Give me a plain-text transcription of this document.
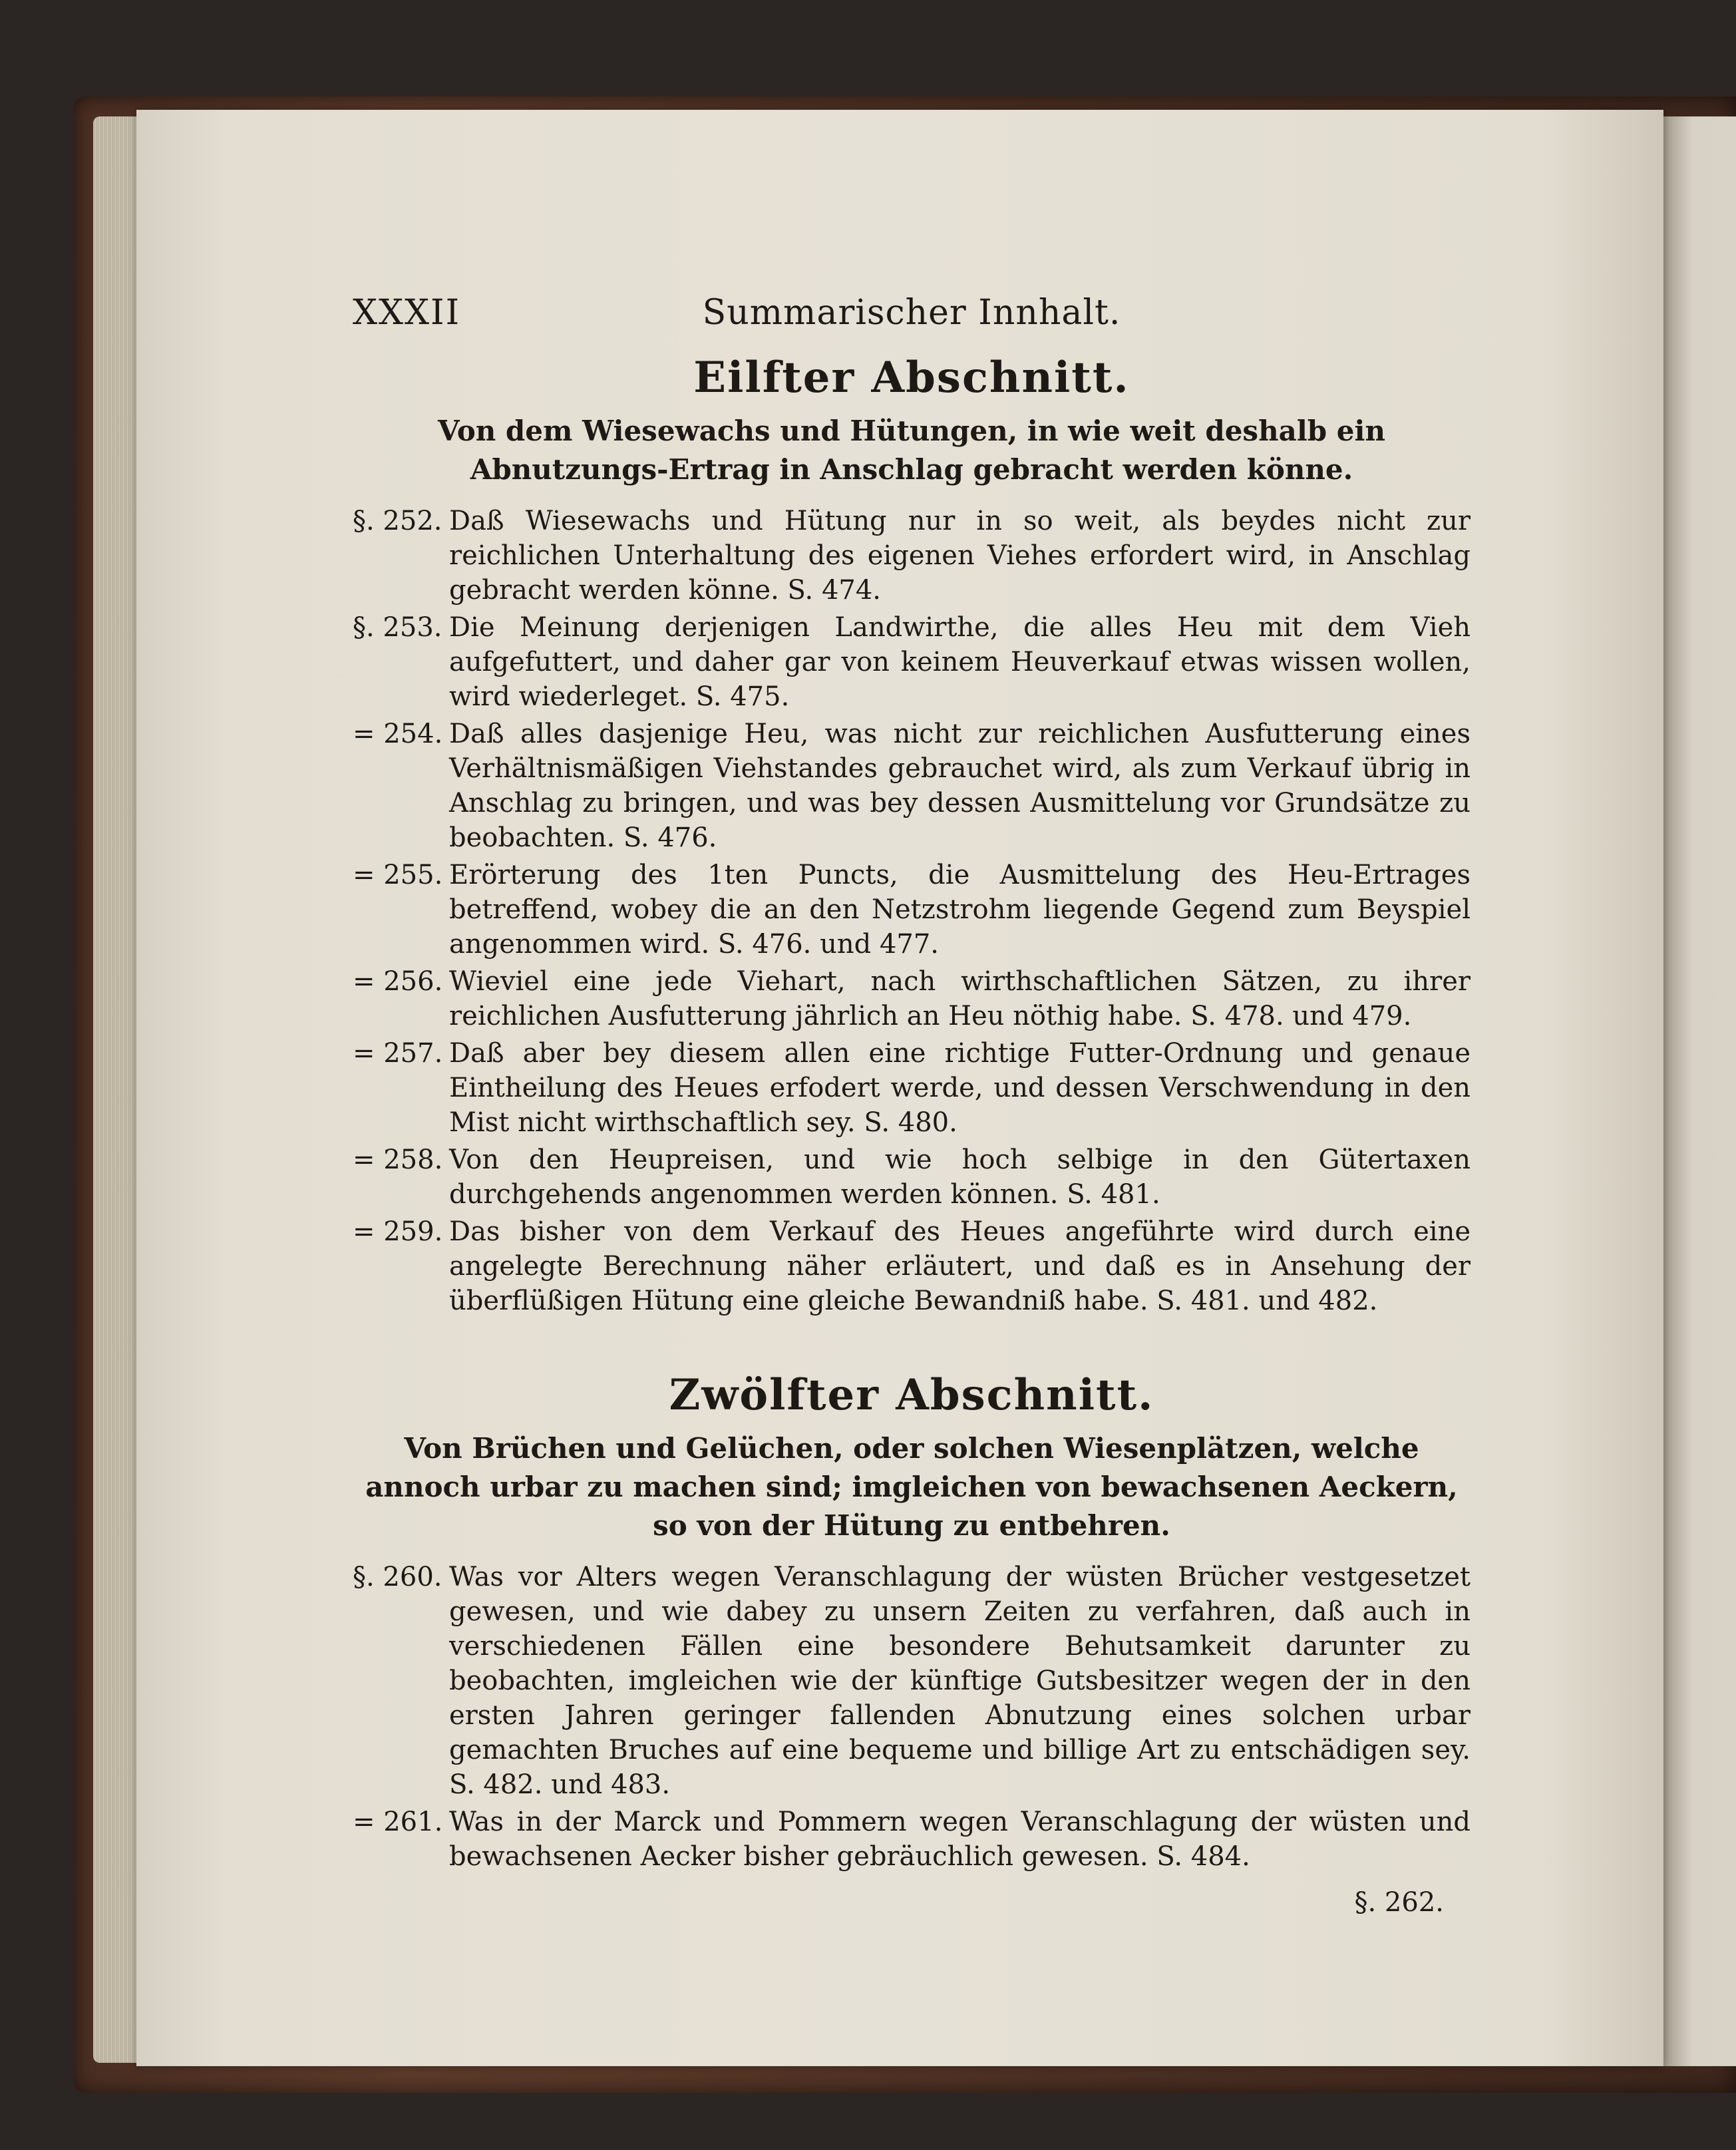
XXXII	Summarischer Innhalt.
Eilfter Abschnitt.
Von dem Wiesewachs und Hütungen, in wie weit deshalb ein Abnutzungs-Ertrag in Anschlag gebracht werden könne.
§. 252. Daß Wiesewachs und Hütung nur in so weit, als beydes nicht zur reichlichen Unterhaltung des eigenen Viehes erfordert wird, in Anschlag gebracht werden könne. S. 474.
§. 253. Die Meinung derjenigen Landwirthe, die alles Heu mit dem Vieh aufgefuttert, und daher gar von keinem Heuverkauf etwas wissen wollen, wird wiederleget. S. 475.
= 254. Daß alles dasjenige Heu, was nicht zur reichlichen Ausfutterung eines Verhältnismäßigen Viehstandes gebrauchet wird, als zum Verkauf übrig in Anschlag zu bringen, und was bey dessen Ausmittelung vor Grundsätze zu beobachten. S. 476.
= 255. Erörterung des 1ten Puncts, die Ausmittelung des Heu-Ertrages betreffend, wobey die an den Netzstrohm liegende Gegend zum Beyspiel angenommen wird. S. 476. und 477.
= 256. Wieviel eine jede Viehart, nach wirthschaftlichen Sätzen, zu ihrer reichlichen Ausfutterung jährlich an Heu nöthig habe. S. 478. und 479.
= 257. Daß aber bey diesem allen eine richtige Futter-Ordnung und genaue Eintheilung des Heues erfodert werde, und dessen Verschwendung in den Mist nicht wirthschaftlich sey. S. 480.
= 258. Von den Heupreisen, und wie hoch selbige in den Gütertaxen durchgehends angenommen werden können. S. 481.
= 259. Das bisher von dem Verkauf des Heues angeführte wird durch eine angelegte Berechnung näher erläutert, und daß es in Ansehung der überflüßigen Hütung eine gleiche Bewandniß habe. S. 481. und 482.
Zwölfter Abschnitt.
Von Brüchen und Gelüchen, oder solchen Wiesenplätzen, welche annoch urbar zu machen sind; imgleichen von bewachsenen Aeckern, so von der Hütung zu entbehren.
§. 260. Was vor Alters wegen Veranschlagung der wüsten Brücher vestgesetzet gewesen, und wie dabey zu unsern Zeiten zu verfahren, daß auch in verschiedenen Fällen eine besondere Behutsamkeit darunter zu beobachten, imgleichen wie der künftige Gutsbesitzer wegen der in den ersten Jahren geringer fallenden Abnutzung eines solchen urbar gemachten Bruches auf eine bequeme und billige Art zu entschädigen sey. S. 482. und 483.
= 261. Was in der Marck und Pommern wegen Veranschlagung der wüsten und bewachsenen Aecker bisher gebräuchlich gewesen. S. 484.
§. 262.
